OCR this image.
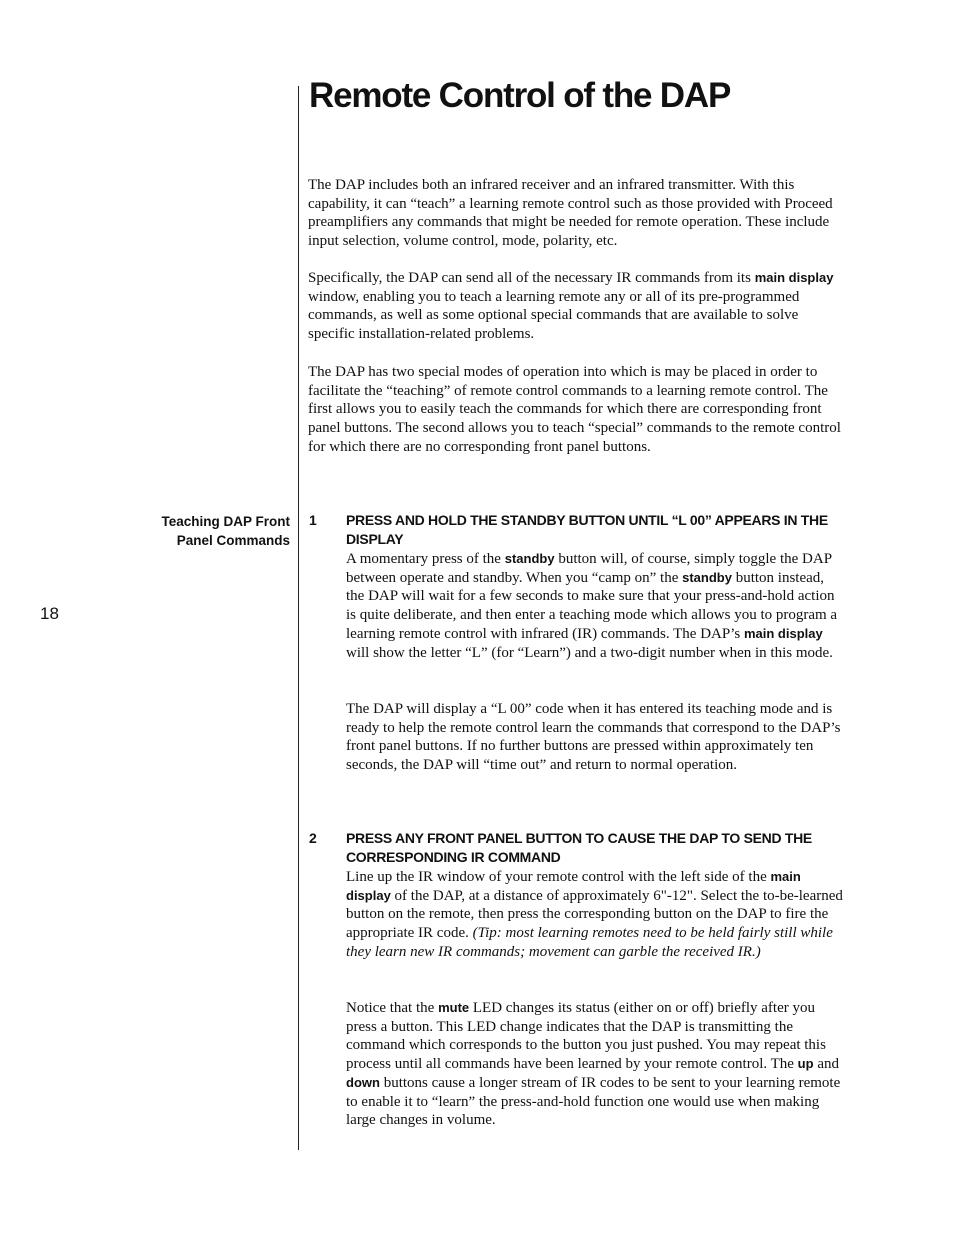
Remote Control of the DAP

The DAP includes both an infrared receiver and an infrared transmitter. With this capability, it can “teach” a learning remote control such as those provided with Proceed preamplifiers any commands that might be needed for remote operation. These include input selection, volume control, mode, polarity, etc.

Specifically, the DAP can send all of the necessary IR commands from its main display window, enabling you to teach a learning remote any or all of its pre-programmed commands, as well as some optional special commands that are available to solve specific installation-related problems.

The DAP has two special modes of operation into which is may be placed in order to facilitate the “teaching” of remote control commands to a learning remote control. The first allows you to easily teach the commands for which there are corresponding front panel buttons. The second allows you to teach “special” commands to the remote control for which there are no corresponding front panel buttons.

Teaching DAP Front
Panel Commands
18
1 PRESS AND HOLD THE STANDBY BUTTON UNTIL “L 00” APPEARS IN THE DISPLAY

A momentary press of the standby button will, of course, simply toggle the DAP between operate and standby. When you “camp on” the standby button instead, the DAP will wait for a few seconds to make sure that your press-and-hold action is quite deliberate, and then enter a teaching mode which allows you to program a learning remote control with infrared (IR) commands. The DAP’s main display will show the letter “L” (for “Learn”) and a two-digit number when in this mode.

The DAP will display a “L 00” code when it has entered its teaching mode and is ready to help the remote control learn the commands that correspond to the DAP’s front panel buttons. If no further buttons are pressed within approximately ten seconds, the DAP will “time out” and return to normal operation.

2 PRESS ANY FRONT PANEL BUTTON TO CAUSE THE DAP TO SEND THE CORRESPONDING IR COMMAND

Line up the IR window of your remote control with the left side of the main display of the DAP, at a distance of approximately 6"-12". Select the to-be-learned button on the remote, then press the corresponding button on the DAP to fire the appropriate IR code. (Tip: most learning remotes need to be held fairly still while they learn new IR commands; movement can garble the received IR.)

Notice that the mute LED changes its status (either on or off) briefly after you press a button. This LED change indicates that the DAP is transmitting the command which corresponds to the button you just pushed. You may repeat this process until all commands have been learned by your remote control. The up and down buttons cause a longer stream of IR codes to be sent to your learning remote to enable it to “learn” the press-and-hold function one would use when making large changes in volume.
